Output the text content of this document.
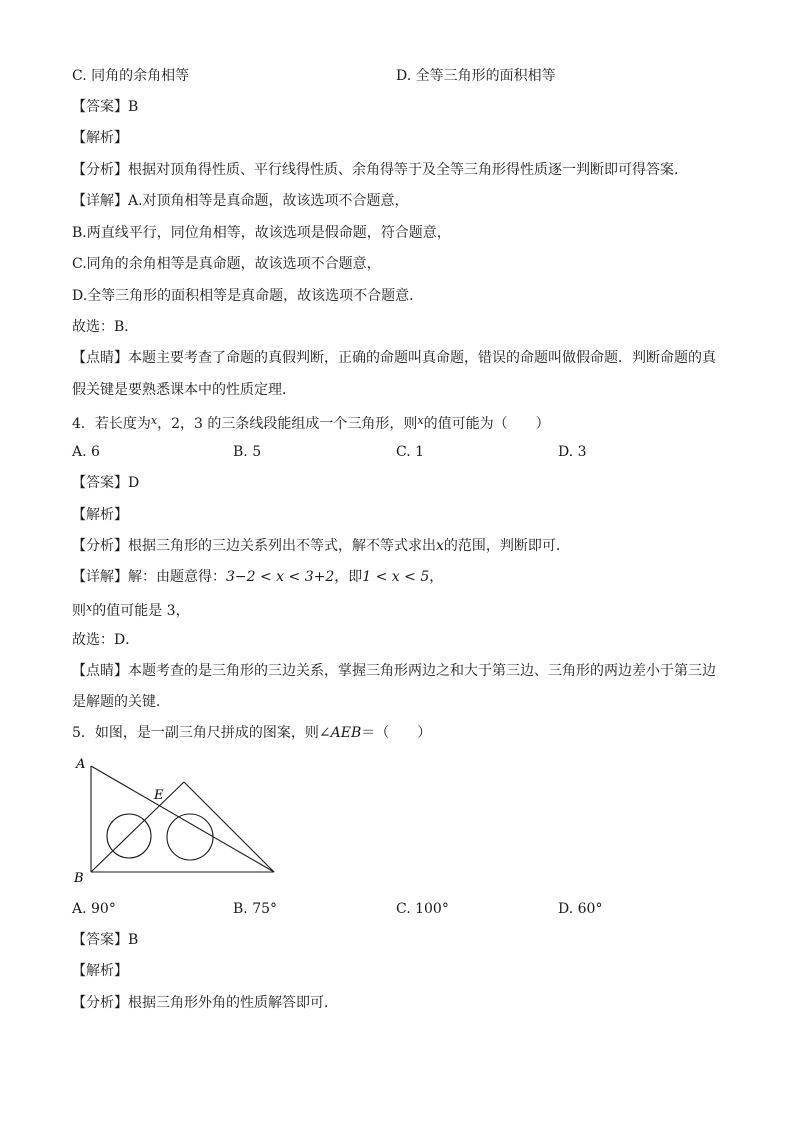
C. 同角的余角相等	D. 全等三角形的面积相等
【答案】B
【解析】
【分析】根据对顶角得性质、平行线得性质、余角得等于及全等三角形得性质逐一判断即可得答案．
【详解】A.对顶角相等是真命题，故该选项不合题意，
B.两直线平行，同位角相等，故该选项是假命题，符合题意，
C.同角的余角相等是真命题，故该选项不合题意，
D.全等三角形的面积相等是真命题，故该选项不合题意．
故选：B．
【点睛】本题主要考查了命题的真假判断，正确的命题叫真命题，错误的命题叫做假命题．判断命题的真
假关键是要熟悉课本中的性质定理．
4．若长度为$^x$，2，3 的三条线段能组成一个三角形，则$^x$的值可能为（　　）
A. 6	B. 5	C. 1	D. 3
【答案】D
【解析】
【分析】根据三角形的三边关系列出不等式，解不等式求出x的范围，判断即可．
【详解】解：由题意得：3−2 < x < 3+2，即1 < x < 5，
则$^x$的值可能是 3，
故选：D．
【点睛】本题考查的是三角形的三边关系，掌握三角形两边之和大于第三边、三角形的两边差小于第三边
是解题的关键．
5．如图，是一副三角尺拼成的图案，则∠AEB＝（　　）
A
E
B
A. 90°	B. 75°	C. 100°	D. 60°
【答案】B
【解析】
【分析】根据三角形外角的性质解答即可．
